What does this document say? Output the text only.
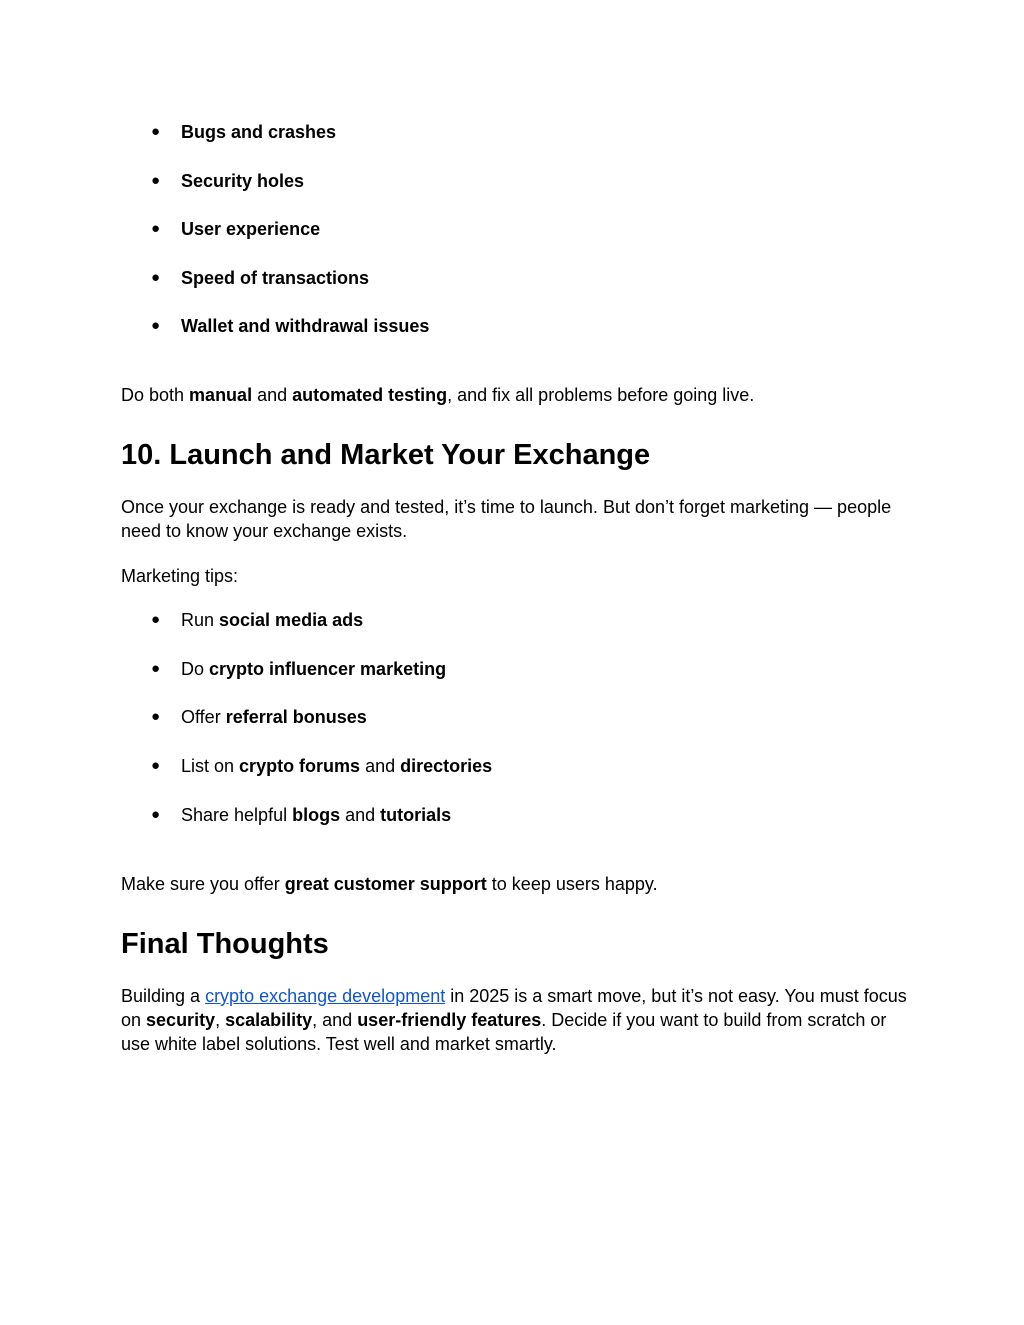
● Bugs and crashes
● Security holes
● User experience
● Speed of transactions
● Wallet and withdrawal issues

Do both manual and automated testing, and fix all problems before going live.

10. Launch and Market Your Exchange

Once your exchange is ready and tested, it’s time to launch. But don’t forget marketing — people need to know your exchange exists.

Marketing tips:

● Run social media ads
● Do crypto influencer marketing
● Offer referral bonuses
● List on crypto forums and directories
● Share helpful blogs and tutorials

Make sure you offer great customer support to keep users happy.

Final Thoughts

Building a crypto exchange development in 2025 is a smart move, but it’s not easy. You must focus on security, scalability, and user-friendly features. Decide if you want to build from scratch or use white label solutions. Test well and market smartly.
